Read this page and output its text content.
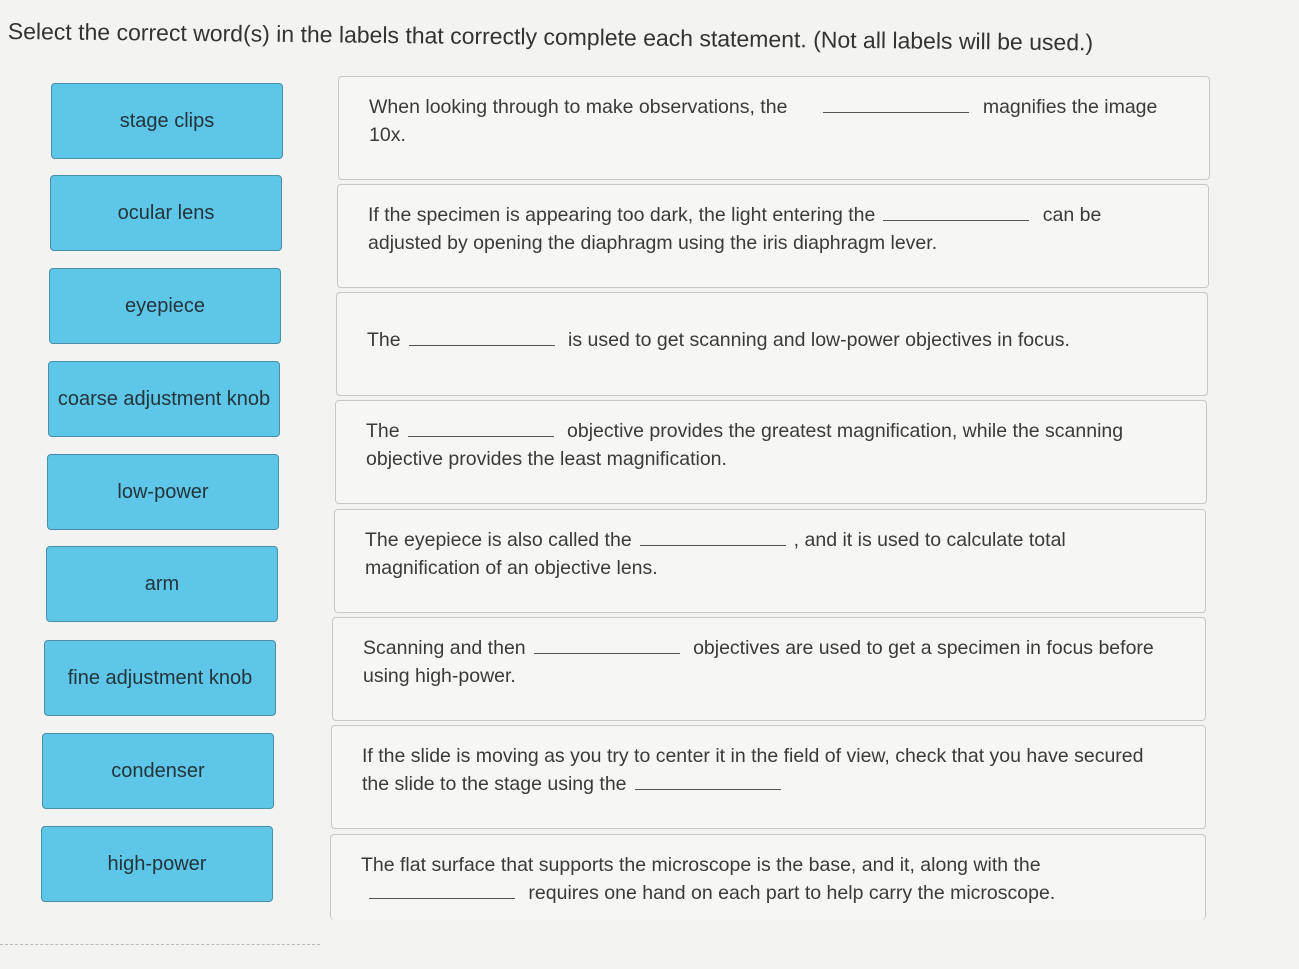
Select the correct word(s) in the labels that correctly complete each statement. (Not all labels will be used.)
stage clips
ocular lens
eyepiece
coarse adjustment knob
low-power
arm
fine adjustment knob
condenser
high-power
When looking through to make observations, the	magnifies the image 10x.
If the specimen is appearing too dark, the light entering the	can be adjusted by opening the diaphragm using the iris diaphragm lever.
The	is used to get scanning and low-power objectives in focus.
The	objective provides the greatest magnification, while the scanning objective provides the least magnification.
The eyepiece is also called the	, and it is used to calculate total magnification of an objective lens.
Scanning and then	objectives are used to get a specimen in focus before using high-power.
If the slide is moving as you try to center it in the field of view, check that you have secured the slide to the stage using the
The flat surface that supports the microscope is the base, and it, along with the
requires one hand on each part to help carry the microscope.
